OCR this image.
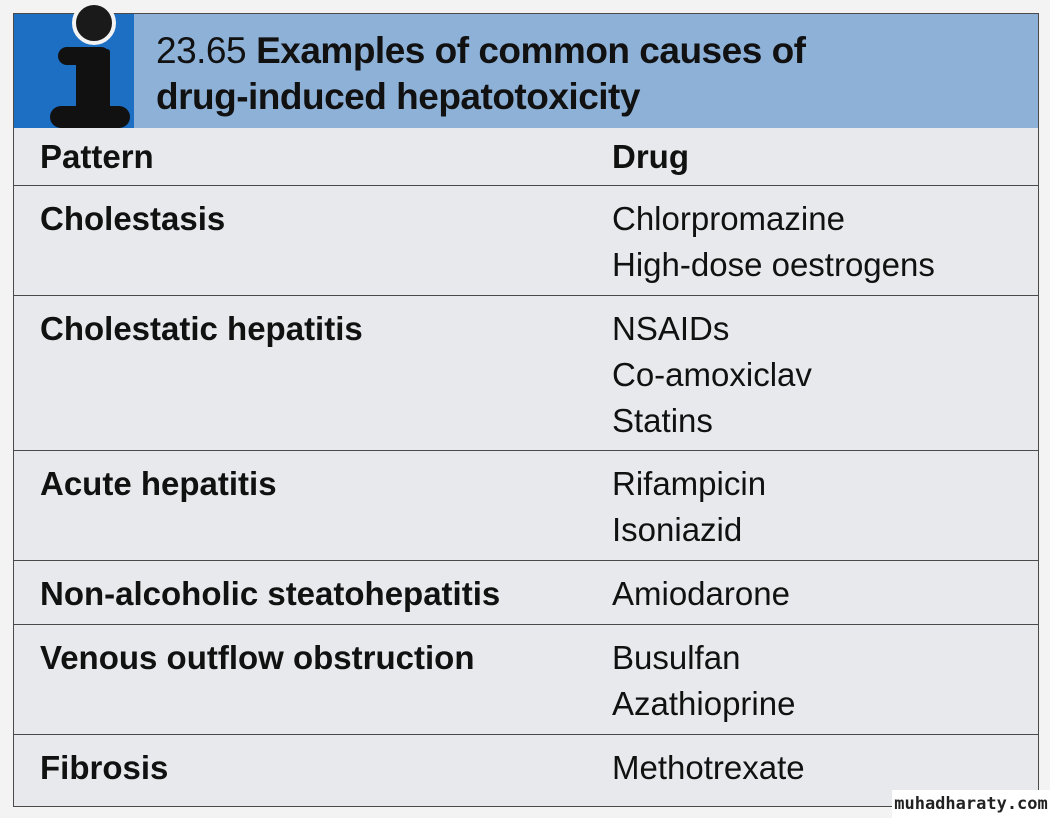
23.65 Examples of common causes of
drug-induced hepatotoxicity
Pattern	Drug
Cholestasis	Chlorpromazine
High-dose oestrogens
Cholestatic hepatitis	NSAIDs
Co-amoxiclav
Statins
Acute hepatitis	Rifampicin
Isoniazid
Non-alcoholic steatohepatitis	Amiodarone
Venous outflow obstruction	Busulfan
Azathioprine
Fibrosis	Methotrexate
muhadharaty.com
